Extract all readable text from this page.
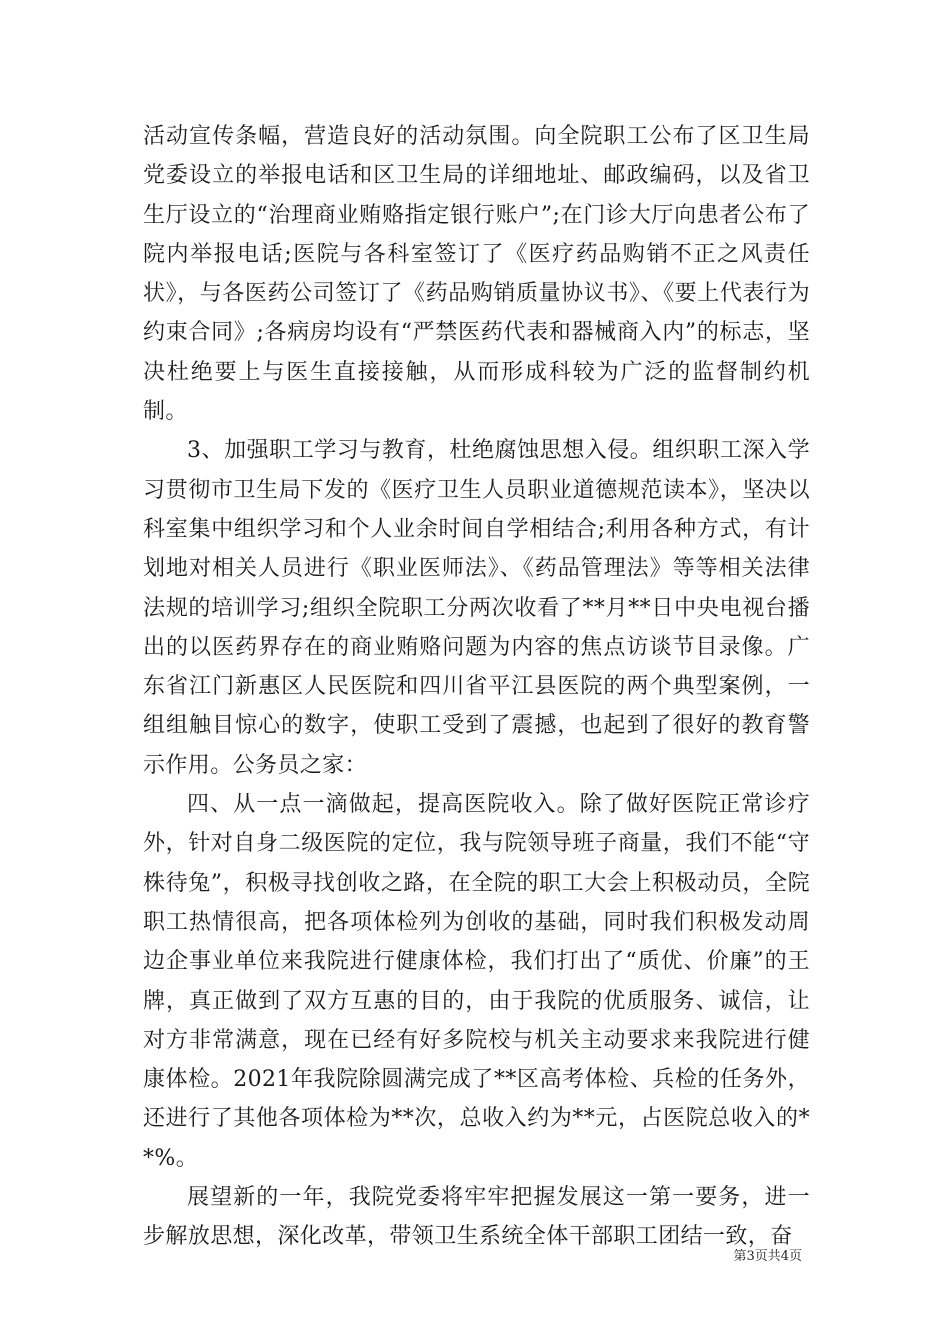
活动宣传条幅，营造良好的活动氛围。向全院职工公布了区卫生局党委设立的举报电话和区卫生局的详细地址、邮政编码，以及省卫生厅设立的“治理商业贿赂指定银行账户”;在门诊大厅向患者公布了院内举报电话;医院与各科室签订了《医疗药品购销不正之风责任状》，与各医药公司签订了《药品购销质量协议书》、《要上代表行为约束合同》;各病房均设有“严禁医药代表和器械商入内”的标志，坚决杜绝要上与医生直接接触，从而形成科较为广泛的监督制约机制。

3、加强职工学习与教育，杜绝腐蚀思想入侵。组织职工深入学习贯彻市卫生局下发的《医疗卫生人员职业道德规范读本》，坚决以科室集中组织学习和个人业余时间自学相结合;利用各种方式，有计划地对相关人员进行《职业医师法》、《药品管理法》等等相关法律法规的培训学习;组织全院职工分两次收看了**月**日中央电视台播出的以医药界存在的商业贿赂问题为内容的焦点访谈节目录像。广东省江门新惠区人民医院和四川省平江县医院的两个典型案例，一组组触目惊心的数字，使职工受到了震撼，也起到了很好的教育警示作用。公务员之家：

四、从一点一滴做起，提高医院收入。除了做好医院正常诊疗外，针对自身二级医院的定位，我与院领导班子商量，我们不能“守株待兔”，积极寻找创收之路，在全院的职工大会上积极动员，全院职工热情很高，把各项体检列为创收的基础，同时我们积极发动周边企事业单位来我院进行健康体检，我们打出了“质优、价廉”的王牌，真正做到了双方互惠的目的，由于我院的优质服务、诚信，让对方非常满意，现在已经有好多院校与机关主动要求来我院进行健康体检。2021年我院除圆满完成了**区高考体检、兵检的任务外，还进行了其他各项体检为**次，总收入约为**元，占医院总收入的**%。

展望新的一年，我院党委将牢牢把握发展这一第一要务，进一步解放思想，深化改革，带领卫生系统全体干部职工团结一致，奋

第3页共4页
